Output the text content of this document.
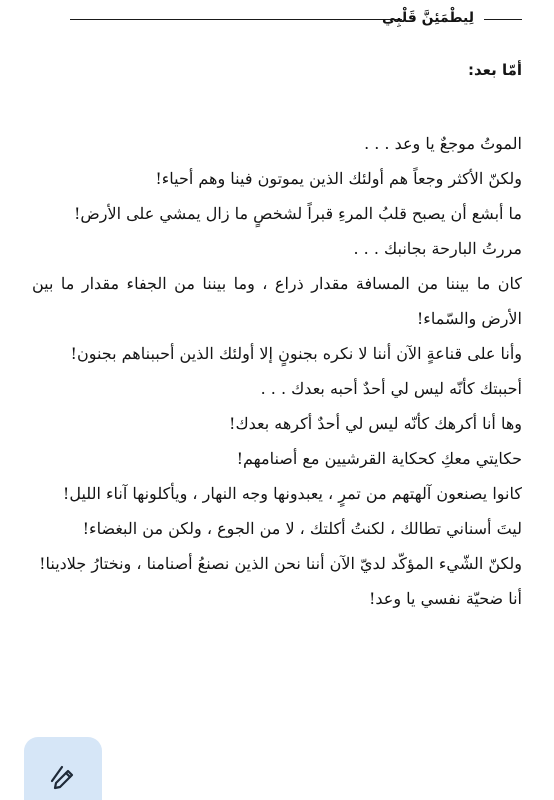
لِيطْمَئِنَّ قَلْبِي
أمّا بعد:

الموتُ موجعٌ يا وعد . . .

ولكنّ الأكثر وجعاً هم أولئك الذين يموتون فينا وهم أحياء!

ما أبشع أن يصبح قلبُ المرءِ قبراً لشخصٍ ما زال يمشي على الأرض!

مررتُ البارحة بجانبك . . .

كان ما بيننا من المسافة مقدار ذراع ، وما بيننا من الجفاء مقدار ما بين الأرض والسّماء!

وأنا على قناعةٍ الآن أننا لا نكره بجنونٍ إلا أولئك الذين أحببناهم بجنون!

أحببتك كأنّه ليس لي أحدٌ أحبه بعدك . . .

وها أنا أكرهك كأنّه ليس لي أحدٌ أكرهه بعدك!

حكايتي معكِ كحكاية القرشيين مع أصنامهم!

كانوا يصنعون آلهتهم من تمرٍ ، يعبدونها وجه النهار ، ويأكلونها آناء الليل!

ليتَ أسناني تطالك ، لكنتُ أكلتك ، لا من الجوع ، ولكن من البغضاء!

ولكنّ الشّيء المؤكّد لديّ الآن أننا نحن الذين نصنعُ أصنامنا ، ونختارُ جلادينا!

أنا ضحيّة نفسي يا وعد!
